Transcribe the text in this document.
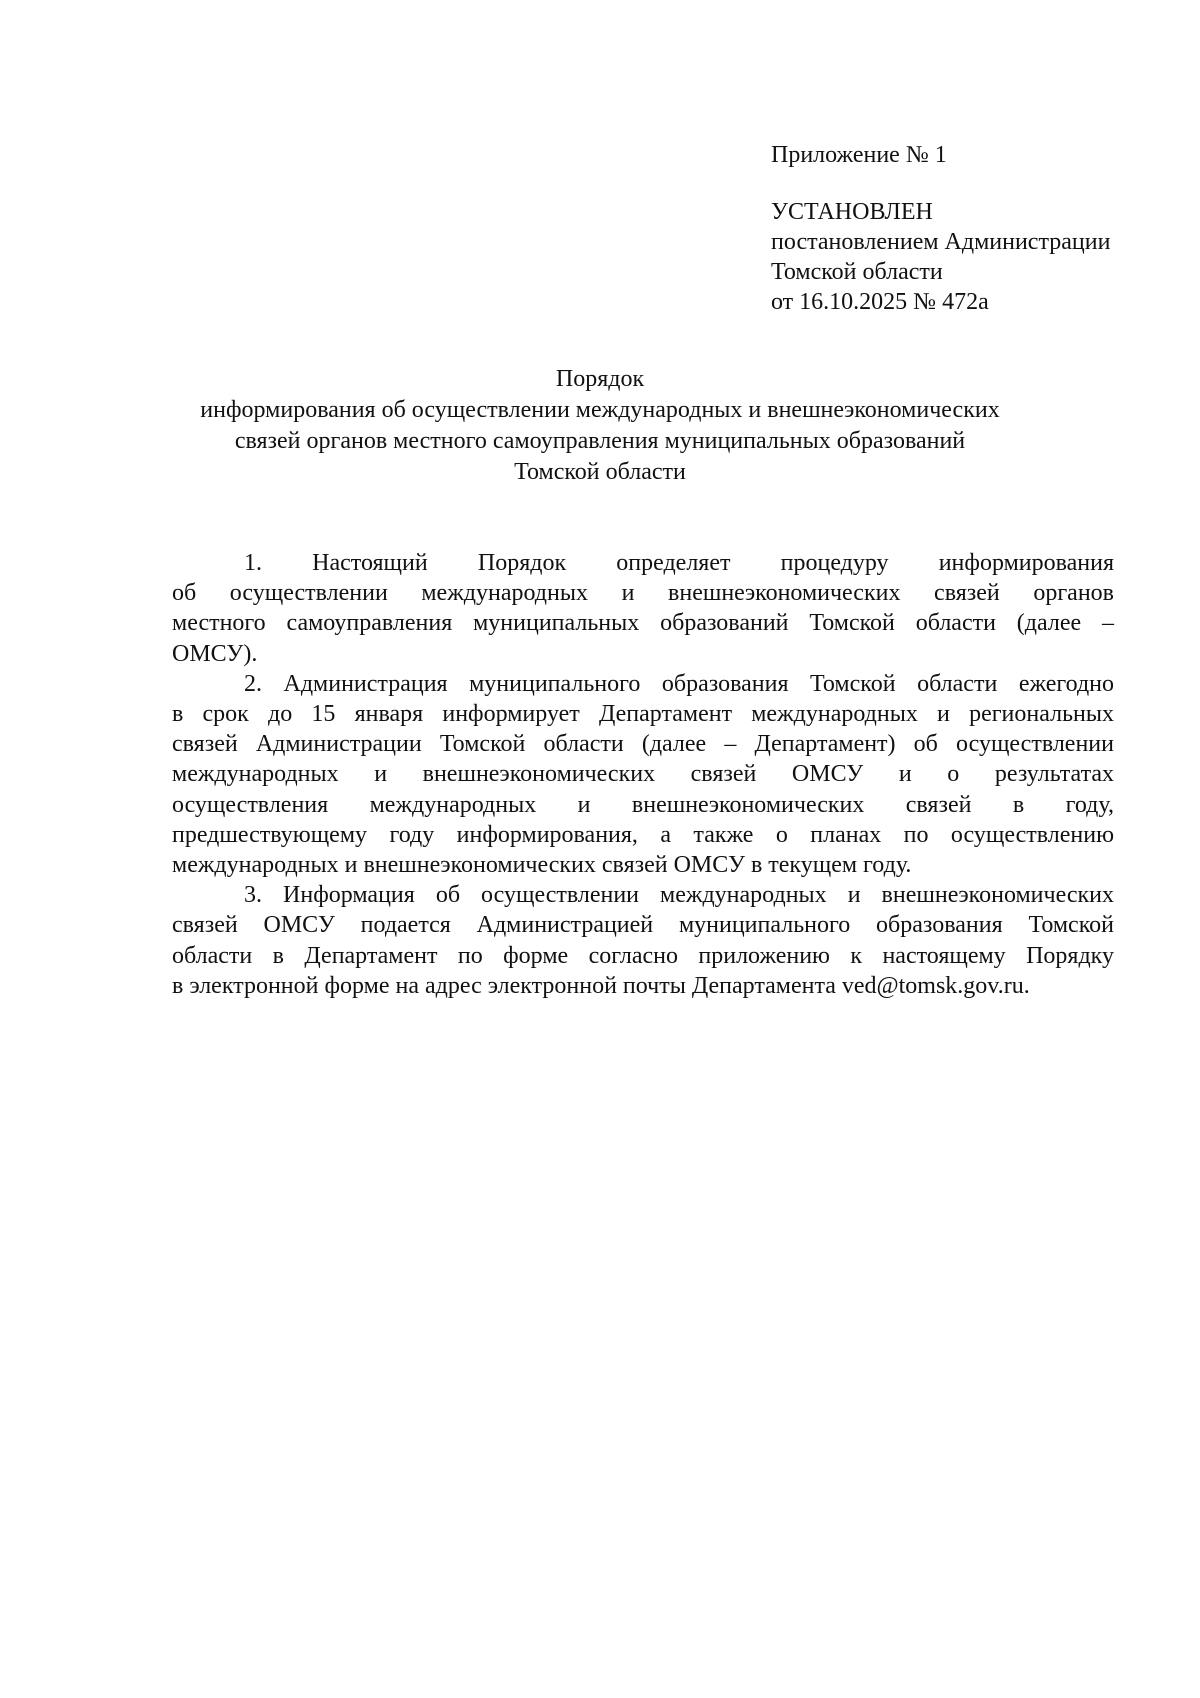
Приложение № 1
УСТАНОВЛЕН
постановлением Администрации
Томской области
от 16.10.2025 № 472а
Порядок
информирования об осуществлении международных и внешнеэкономических
связей органов местного самоуправления муниципальных образований
Томской области
1. Настоящий Порядок определяет процедуру информирования
об осуществлении международных и внешнеэкономических связей органов
местного самоуправления муниципальных образований Томской области (далее –
ОМСУ).
2. Администрация муниципального образования Томской области ежегодно
в срок до 15 января информирует Департамент международных и региональных
связей Администрации Томской области (далее – Департамент) об осуществлении
международных и внешнеэкономических связей ОМСУ и о результатах
осуществления международных и внешнеэкономических связей в году,
предшествующему году информирования, а также о планах по осуществлению
международных и внешнеэкономических связей ОМСУ в текущем году.
3. Информация об осуществлении международных и внешнеэкономических
связей ОМСУ подается Администрацией муниципального образования Томской
области в Департамент по форме согласно приложению к настоящему Порядку
в электронной форме на адрес электронной почты Департамента ved@tomsk.gov.ru.
